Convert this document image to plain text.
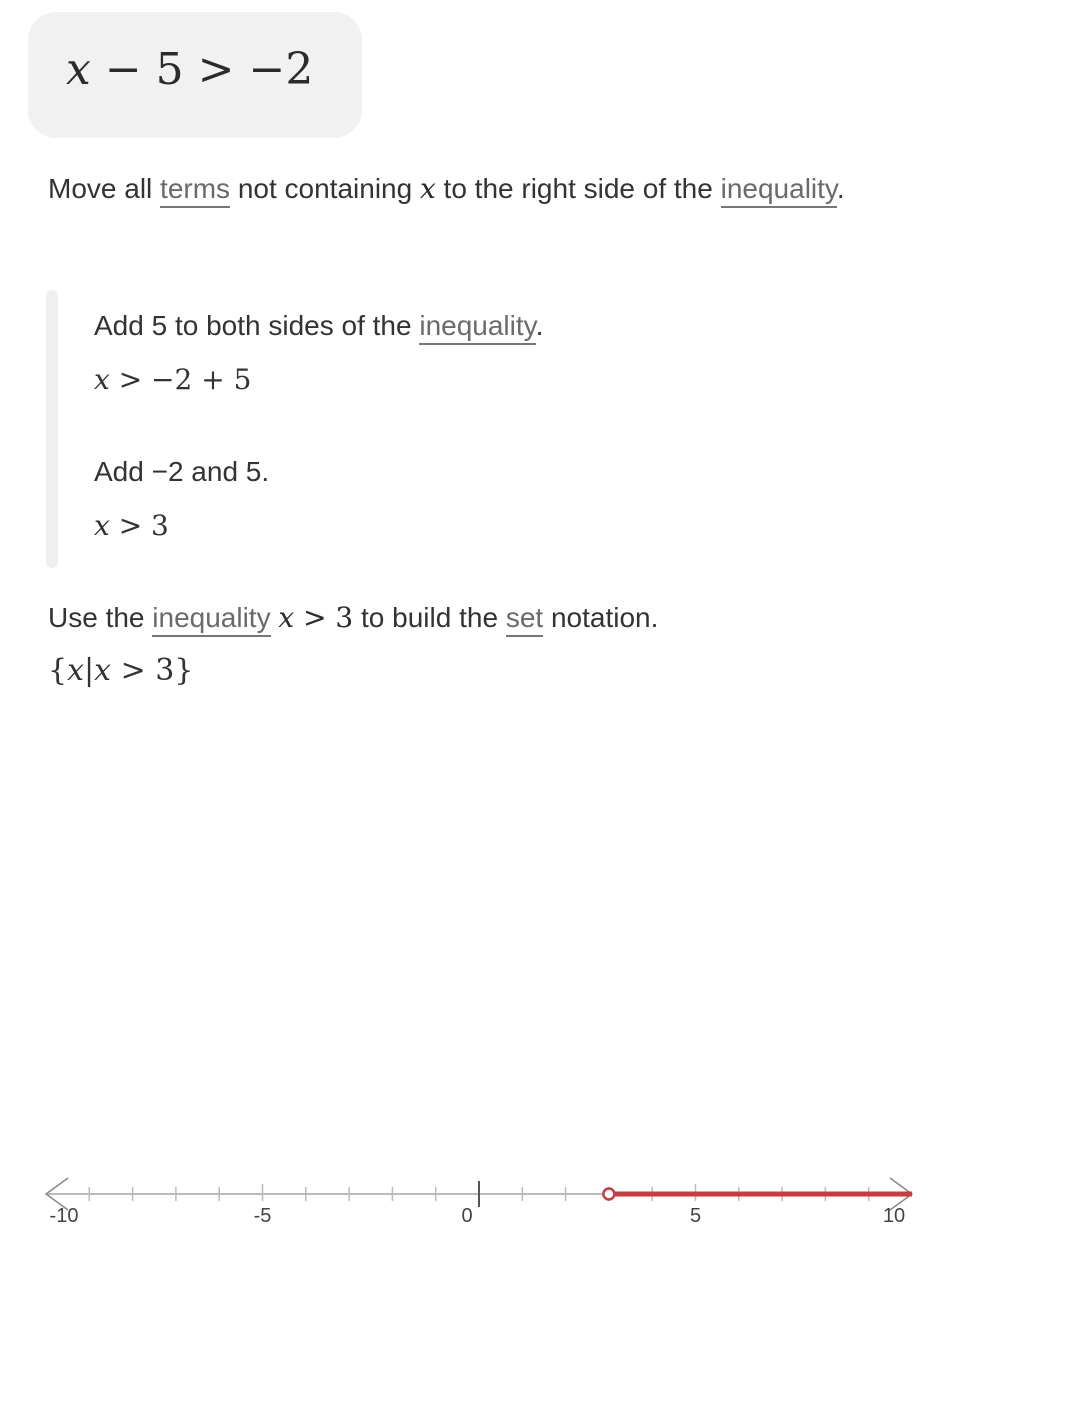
x − 5 > −2
Move all terms not containing x to the right side of the inequality.
Add 5 to both sides of the inequality.
x > −2 + 5
Add −2 and 5.
x > 3
Use the inequality x > 3 to build the set notation.
{x|x > 3}
-10	-5	0	5	10
